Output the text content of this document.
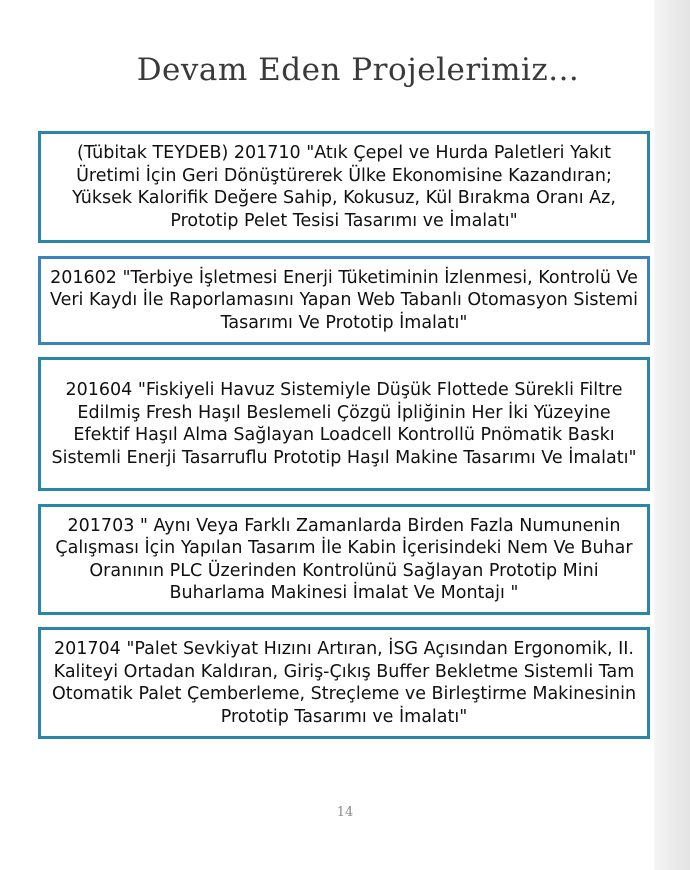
Devam Eden Projelerimiz...
(Tübitak TEYDEB) 201710 "Atık Çepel ve Hurda Paletleri Yakıt Üretimi İçin Geri Dönüştürerek Ülke Ekonomisine Kazandıran; Yüksek Kalorifik Değere Sahip, Kokusuz, Kül Bırakma Oranı Az, Prototip Pelet Tesisi Tasarımı ve İmalatı"
201602 "Terbiye İşletmesi Enerji Tüketiminin İzlenmesi, Kontrolü Ve Veri Kaydı İle Raporlamasını Yapan Web Tabanlı Otomasyon Sistemi Tasarımı Ve Prototip İmalatı"
201604 "Fiskiyeli Havuz Sistemiyle Düşük Flottede Sürekli Filtre Edilmiş Fresh Haşıl Beslemeli Çözgü İpliğinin Her İki Yüzeyine Efektif Haşıl Alma Sağlayan Loadcell Kontrollü Pnömatik Baskı Sistemli Enerji Tasarruflu Prototip Haşıl Makine Tasarımı Ve İmalatı"
201703 " Aynı Veya Farklı Zamanlarda Birden Fazla Numunenin Çalışması İçin Yapılan Tasarım İle Kabin İçerisindeki Nem Ve Buhar Oranının PLC Üzerinden Kontrolünü Sağlayan Prototip Mini Buharlama Makinesi İmalat Ve Montajı "
201704 "Palet Sevkiyat Hızını Artıran, İSG Açısından Ergonomik, II. Kaliteyi Ortadan Kaldıran, Giriş-Çıkış Buffer Bekletme Sistemli Tam Otomatik Palet Çemberleme, Streçleme ve Birleştirme Makinesinin Prototip Tasarımı ve İmalatı"
14
